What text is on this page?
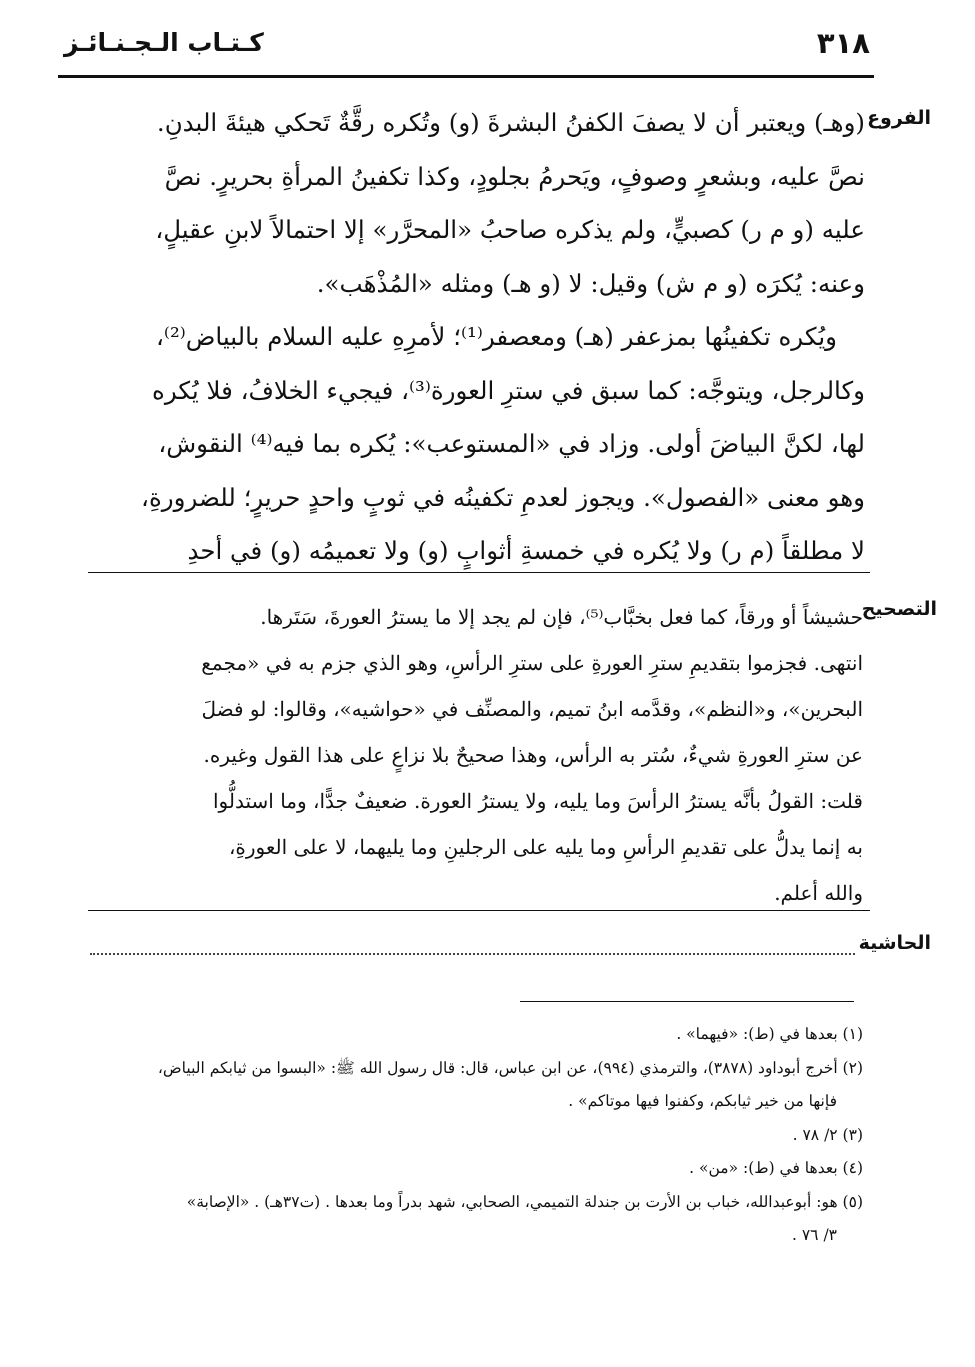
كـتـاب الـجـنـائـز	٣١٨
الفروع
(وهـ) ويعتبر أن لا يصفَ الكفنُ البشرةَ (و) وتُكره رقَّةٌ تَحكي هيئةَ البدنِ.
نصَّ عليه، وبشعرٍ وصوفٍ، ويَحرمُ بجلودٍ، وكذا تكفينُ المرأةِ بحريرٍ. نصَّ
عليه (و م ر) كصبيٍّ، ولم يذكره صاحبُ «المحرَّر» إلا احتمالاً لابنِ عقيلٍ،
وعنه: يُكرَه (و م ش) وقيل: لا (و هـ) ومثله «المُذْهَب».
ويُكره تكفينُها بمزعفر (هـ) ومعصفر⁽¹⁾؛ لأمرِهِ عليه السلام بالبياض⁽²⁾،
وكالرجل، ويتوجَّه: كما سبق في سترِ العورة⁽³⁾، فيجيء الخلافُ، فلا يُكره
لها، لكنَّ البياضَ أولى. وزاد في «المستوعب»: يُكره بما فيه⁽⁴⁾ النقوش،
وهو معنى «الفصول». ويجوز لعدمِ تكفينُه في ثوبٍ واحدٍ حريرٍ؛ للضرورةِ،
لا مطلقاً (م ر) ولا يُكره في خمسةِ أثوابٍ (و) ولا تعميمُه (و) في أحدِ
التصحيح
حشيشاً أو ورقاً، كما فعل بخبَّاب⁽⁵⁾، فإن لم يجد إلا ما يسترُ العورةَ، سَتَرها.
انتهى. فجزموا بتقديمِ سترِ العورةِ على سترِ الرأسِ، وهو الذي جزم به في «مجمع
البحرين»، و«النظم»، وقدَّمه ابنُ تميم، والمصنِّف في «حواشيه»، وقالوا: لو فضلَ
عن سترِ العورةِ شيءٌ، سُتر به الرأس، وهذا صحيحٌ بلا نزاعٍ على هذا القول وغيره.
قلت: القولُ بأنَّه يسترُ الرأسَ وما يليه، ولا يسترُ العورة. ضعيفٌ جدًّا، وما استدلُّوا
به إنما يدلُّ على تقديمِ الرأسِ وما يليه على الرجلينِ وما يليهما، لا على العورةِ،
والله أعلم.
الحاشية
(١) بعدها في (ط): «فيهما» .
(٢) أخرج أبوداود (٣٨٧٨)، والترمذي (٩٩٤)، عن ابن عباس، قال: قال رسول الله ﷺ: «البسوا من ثيابكم البياض،
فإنها من خير ثيابكم، وكفنوا فيها موتاكم» .
(٣) ٢/ ٧٨ .
(٤) بعدها في (ط): «من» .
(٥) هو: أبوعبدالله، خباب بن الأرت بن جندلة التميمي، الصحابي، شهد بدراً وما بعدها . (ت٣٧هـ) . «الإصابة»
٣/ ٧٦ .
